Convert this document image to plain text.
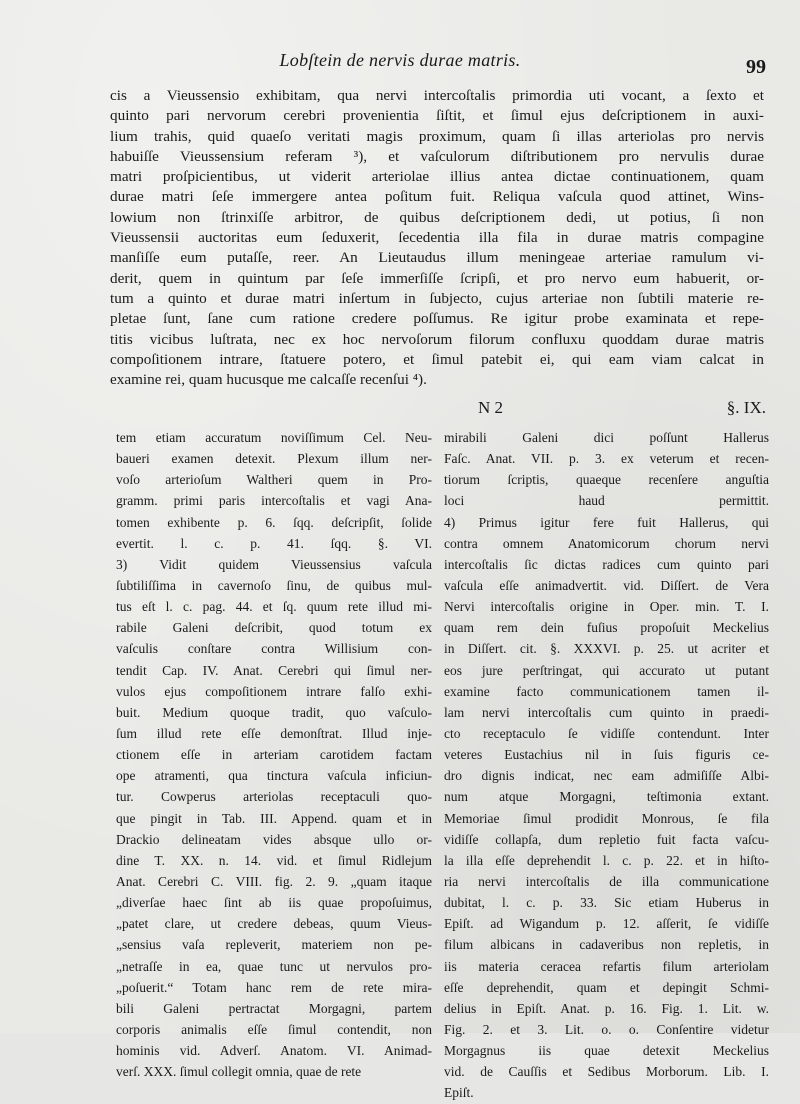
Lobſtein de nervis durae matris.	99
cis a Vieussensio exhibitam, qua nervi intercoſtalis primordia uti vocant, a ſexto et
quinto pari nervorum cerebri provenientia ſiſtit, et ſimul ejus deſcriptionem in auxi-
lium trahis, quid quaeſo veritati magis proximum, quam ſi illas arteriolas pro nervis
habuiſſe Vieussensium referam ³), et vaſculorum diſtributionem pro nervulis durae
matri proſpicientibus, ut viderit arteriolae illius antea dictae continuationem, quam
durae matri ſeſe immergere antea poſitum fuit. Reliqua vaſcula quod attinet, Wins-
lowium non ſtrinxiſſe arbitror, de quibus deſcriptionem dedi, ut potius, ſi non
Vieussensii auctoritas eum ſeduxerit, ſecedentia illa fila in durae matris compagine
manſiſſe eum putaſſe, reer. An Lieutaudus illum meningeae arteriae ramulum vi-
derit, quem in quintum par ſeſe immerſiſſe ſcripſi, et pro nervo eum habuerit, or-
tum a quinto et durae matri inſertum in ſubjecto, cujus arteriae non ſubtili materie re-
pletae ſunt, ſane cum ratione credere poſſumus. Re igitur probe examinata et repe-
titis vicibus luſtrata, nec ex hoc nervoſorum filorum confluxu quoddam durae matris
compoſitionem intrare, ſtatuere potero, et ſimul patebit ei, qui eam viam calcat in
examine rei, quam hucusque me calcaſſe recenſui ⁴).
N 2	§. IX.
tem etiam accuratum noviſſimum Cel. Neu-
baueri examen detexit. Plexum illum ner-
voſo arterioſum Waltheri quem in Pro-
gramm. primi paris intercoſtalis et vagi Ana-
tomen exhibente p. 6. ſqq. deſcripſit, ſolide
evertit. l. c. p. 41. ſqq. §. VI.
3) Vidit quidem Vieussensius vaſcula
ſubtiliſſima in cavernoſo ſinu, de quibus mul-
tus eſt l. c. pag. 44. et ſq. quum rete illud mi-
rabile Galeni deſcribit, quod totum ex
vaſculis conſtare contra Willisium con-
tendit Cap. IV. Anat. Cerebri qui ſimul ner-
vulos ejus compoſitionem intrare falſo exhi-
buit. Medium quoque tradit, quo vaſculo-
ſum illud rete eſſe demonſtrat. Illud inje-
ctionem eſſe in arteriam carotidem factam
ope atramenti, qua tinctura vaſcula inficiun-
tur. Cowperus arteriolas receptaculi quo-
que pingit in Tab. III. Append. quam et in
Drackio delineatam vides absque ullo or-
dine T. XX. n. 14. vid. et ſimul Ridlejum
Anat. Cerebri C. VIII. fig. 2. 9. „quam itaque
„diverſae haec ſint ab iis quae propoſuimus,
„patet clare, ut credere debeas, quum Vieus-
„sensius vaſa repleverit, materiem non pe-
„netraſſe in ea, quae tunc ut nervulos pro-
„poſuerit.“ Totam hanc rem de rete mira-
bili Galeni pertractat Morgagni, partem
corporis animalis eſſe ſimul contendit, non
hominis vid. Adverſ. Anatom. VI. Animad-
verſ. XXX. ſimul collegit omnia, quae de rete
mirabili Galeni dici poſſunt Hallerus
Faſc. Anat. VII. p. 3. ex veterum et recen-
tiorum ſcriptis, quaeque recenſere anguſtia
loci haud permittit.
4) Primus igitur fere fuit Hallerus, qui
contra omnem Anatomicorum chorum nervi
intercoſtalis ſic dictas radices cum quinto pari
vaſcula eſſe animadvertit. vid. Diſſert. de Vera
Nervi intercoſtalis origine in Oper. min. T. I.
quam rem dein fuſius propoſuit Meckelius
in Diſſert. cit. §. XXXVI. p. 25. ut acriter et
eos jure perſtringat, qui accurato ut putant
examine facto communicationem tamen il-
lam nervi intercoſtalis cum quinto in praedi-
cto receptaculo ſe vidiſſe contendunt. Inter
veteres Eustachius nil in ſuis figuris ce-
dro dignis indicat, nec eam admiſiſſe Albi-
num atque Morgagni, teſtimonia extant.
Memoriae ſimul prodidit Monrous, ſe fila
vidiſſe collapſa, dum repletio fuit facta vaſcu-
la illa eſſe deprehendit l. c. p. 22. et in hiſto-
ria nervi intercoſtalis de illa communicatione
dubitat, l. c. p. 33. Sic etiam Huberus in
Epiſt. ad Wigandum p. 12. aſſerit, ſe vidiſſe
filum albicans in cadaveribus non repletis, in
iis materia ceracea refartis filum arteriolam
eſſe deprehendit, quam et depingit Schmi-
delius in Epiſt. Anat. p. 16. Fig. 1. Lit. w.
Fig. 2. et 3. Lit. o. o. Conſentire videtur
Morgagnus iis quae detexit Meckelius
vid. de Cauſſis et Sedibus Morborum. Lib. I.
Epiſt.
